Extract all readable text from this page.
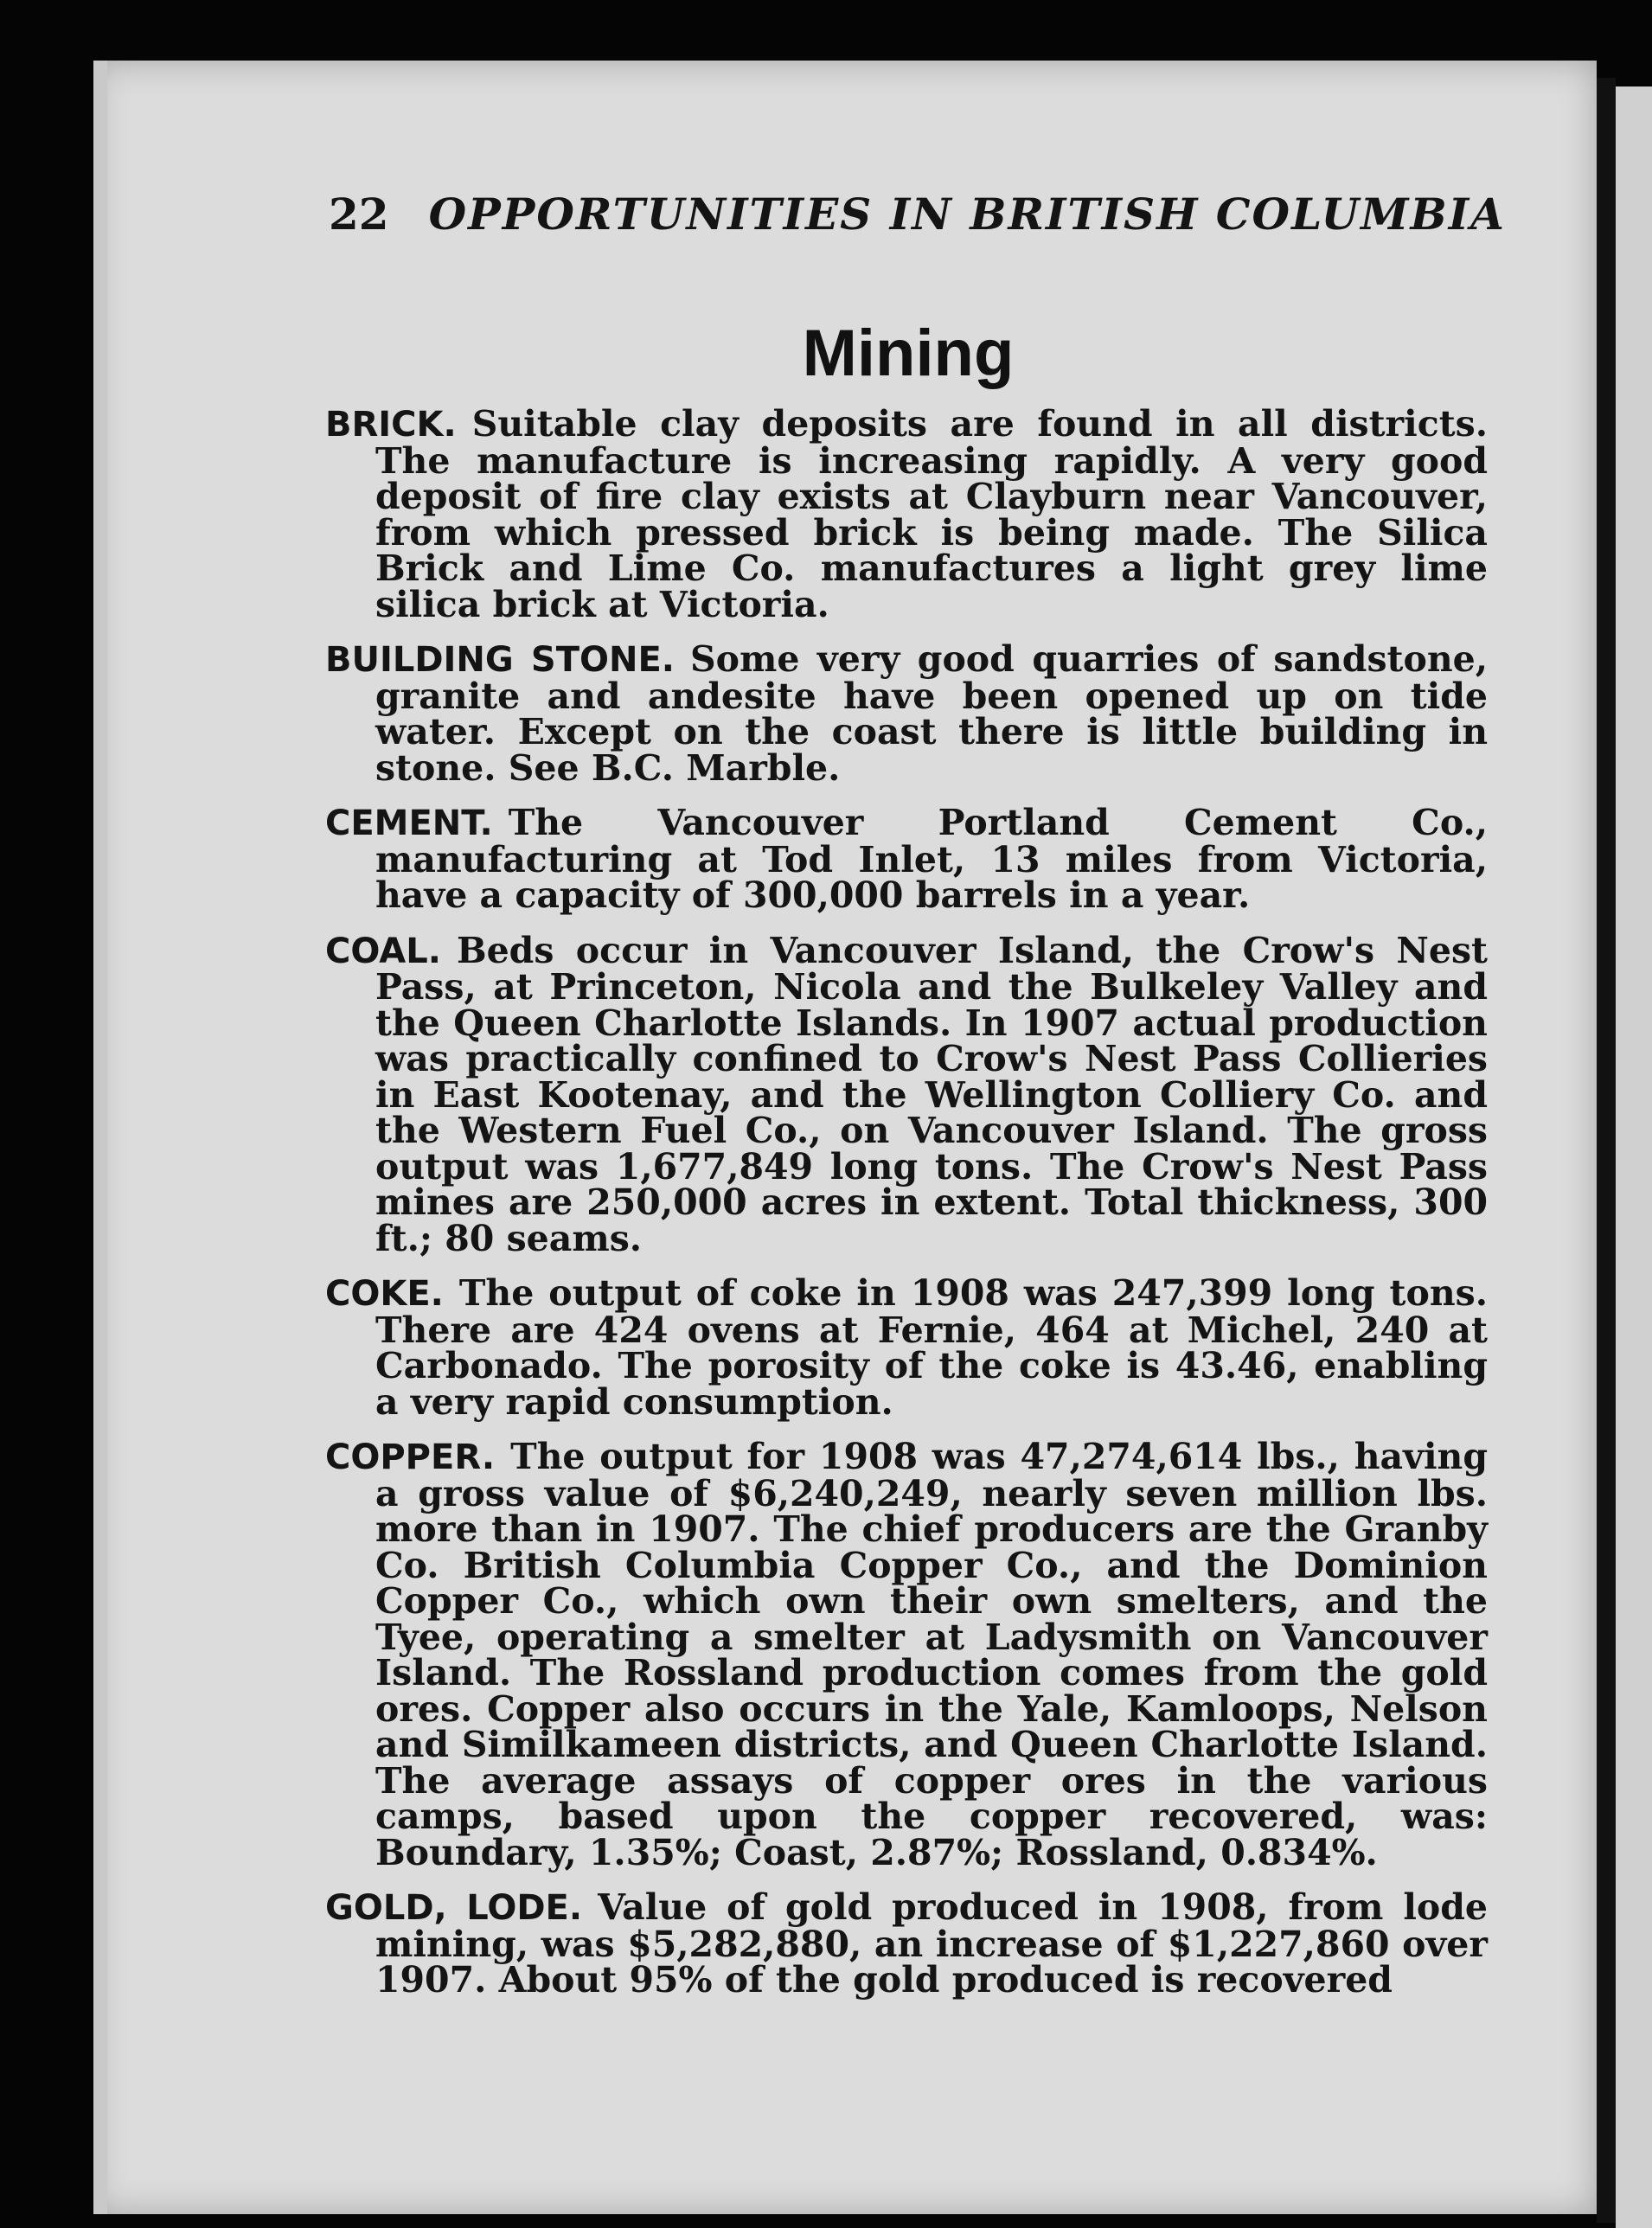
22 OPPORTUNITIES IN BRITISH COLUMBIA
Mining
BRICK. Suitable clay deposits are found in all districts. The manufacture is increasing rapidly. A very good deposit of fire clay exists at Clayburn near Vancouver, from which pressed brick is being made. The Silica Brick and Lime Co. manufactures a light grey lime silica brick at Victoria.
BUILDING STONE. Some very good quarries of sandstone, granite and andesite have been opened up on tide water. Except on the coast there is little building in stone. See B.C. Marble.
CEMENT. The Vancouver Portland Cement Co., manufacturing at Tod Inlet, 13 miles from Victoria, have a capacity of 300,000 barrels in a year.
COAL. Beds occur in Vancouver Island, the Crow's Nest Pass, at Princeton, Nicola and the Bulkeley Valley and the Queen Charlotte Islands. In 1907 actual production was practically confined to Crow's Nest Pass Collieries in East Kootenay, and the Wellington Colliery Co. and the Western Fuel Co., on Vancouver Island. The gross output was 1,677,849 long tons. The Crow's Nest Pass mines are 250,000 acres in extent. Total thickness, 300 ft.; 80 seams.
COKE. The output of coke in 1908 was 247,399 long tons. There are 424 ovens at Fernie, 464 at Michel, 240 at Carbonado. The porosity of the coke is 43.46, enabling a very rapid consumption.
COPPER. The output for 1908 was 47,274,614 lbs., having a gross value of $6,240,249, nearly seven million lbs. more than in 1907. The chief producers are the Granby Co. British Columbia Copper Co., and the Dominion Copper Co., which own their own smelters, and the Tyee, operating a smelter at Ladysmith on Vancouver Island. The Rossland production comes from the gold ores. Copper also occurs in the Yale, Kamloops, Nelson and Similkameen districts, and Queen Charlotte Island. The average assays of copper ores in the various camps, based upon the copper recovered, was: Boundary, 1.35%; Coast, 2.87%; Rossland, 0.834%.
GOLD, LODE. Value of gold produced in 1908, from lode mining, was $5,282,880, an increase of $1,227,860 over 1907. About 95% of the gold produced is recovered
